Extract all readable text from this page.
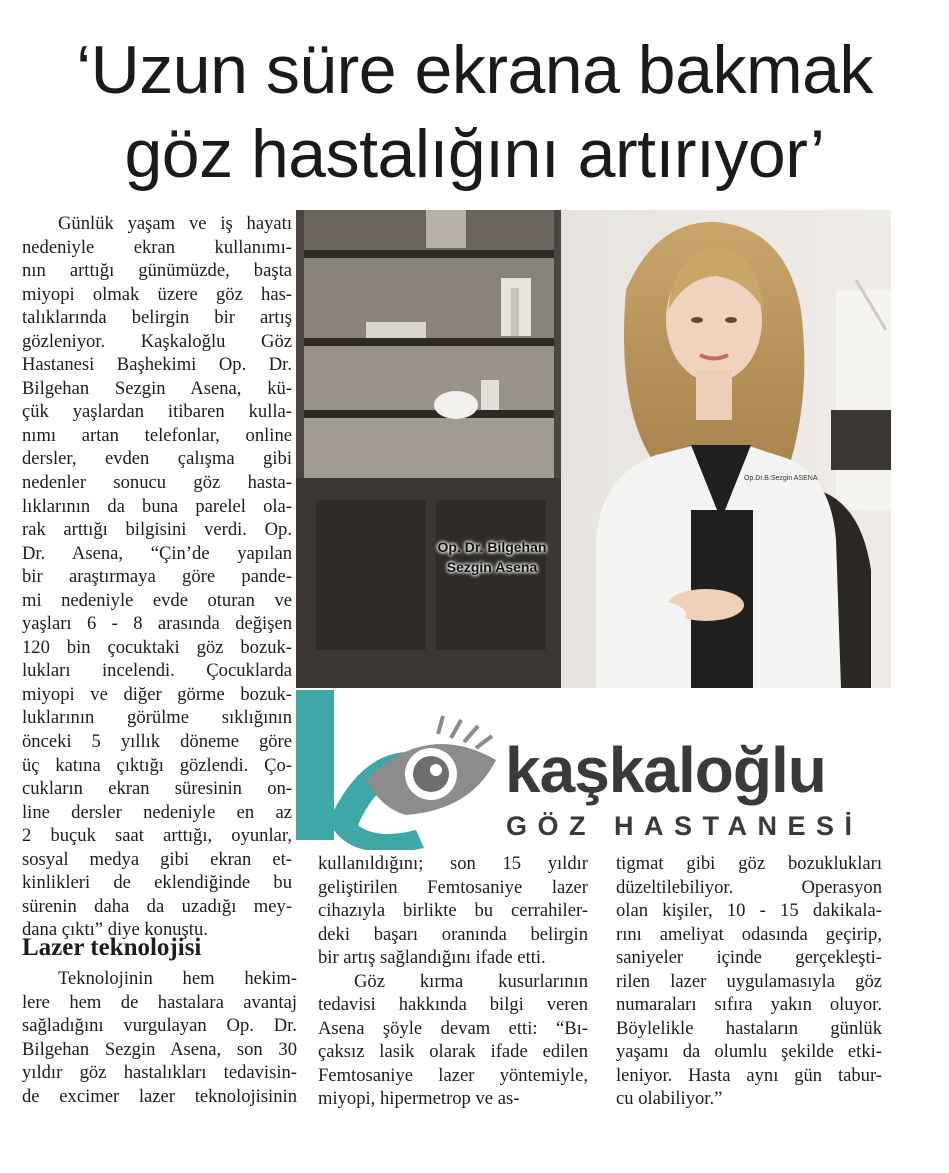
‘Uzun süre ekrana bakmak
göz hastalığını artırıyor’
Günlük yaşam ve iş hayatı
nedeniyle ekran kullanımı-
nın arttığı günümüzde, başta
miyopi olmak üzere göz has-
talıklarında belirgin bir artış
gözleniyor. Kaşkaloğlu Göz
Hastanesi Başhekimi Op. Dr.
Bilgehan Sezgin Asena, kü-
çük yaşlardan itibaren kulla-
nımı artan telefonlar, online
dersler, evden çalışma gibi
nedenler sonucu göz hasta-
lıklarının da buna parelel ola-
rak arttığı bilgisini verdi. Op.
Dr. Asena, “Çin’de yapılan
bir araştırmaya göre pande-
mi nedeniyle evde oturan ve
yaşları 6 - 8 arasında değişen
120 bin çocuktaki göz bozuk-
lukları incelendi. Çocuklarda
miyopi ve diğer görme bozuk-
luklarının görülme sıklığının
önceki 5 yıllık döneme göre
üç katına çıktığı gözlendi. Ço-
cukların ekran süresinin on-
line dersler nedeniyle en az
2 buçuk saat arttığı, oyunlar,
sosyal medya gibi ekran et-
kinlikleri de eklendiğinde bu
sürenin daha da uzadığı mey-
dana çıktı” diye konuştu.
Lazer teknolojisi
Teknolojinin hem hekim-
lere hem de hastalara avantaj
sağladığını vurgulayan Op. Dr.
Bilgehan Sezgin Asena, son 30
yıldır göz hastalıkları tedavisin-
de excimer lazer teknolojisinin
Op.Dr.B.Sezgin ASENA
Op. Dr. Bilgehan
Sezgin Asena
kaşkaloğlu
GÖZ HASTANESİ
kullanıldığını; son 15 yıldır
geliştirilen Femtosaniye lazer
cihazıyla birlikte bu cerrahiler-
deki başarı oranında belirgin
bir artış sağlandığını ifade etti.
Göz kırma kusurlarının
tedavisi hakkında bilgi veren
Asena şöyle devam etti: “Bı-
çaksız lasik olarak ifade edilen
Femtosaniye lazer yöntemiyle,
miyopi, hipermetrop ve as-
tigmat gibi göz bozuklukları
düzeltilebiliyor. Operasyon
olan kişiler, 10 - 15 dakikala-
rını ameliyat odasında geçirip,
saniyeler içinde gerçekleşti-
rilen lazer uygulamasıyla göz
numaraları sıfıra yakın oluyor.
Böylelikle hastaların günlük
yaşamı da olumlu şekilde etki-
leniyor. Hasta aynı gün tabur-
cu olabiliyor.”
